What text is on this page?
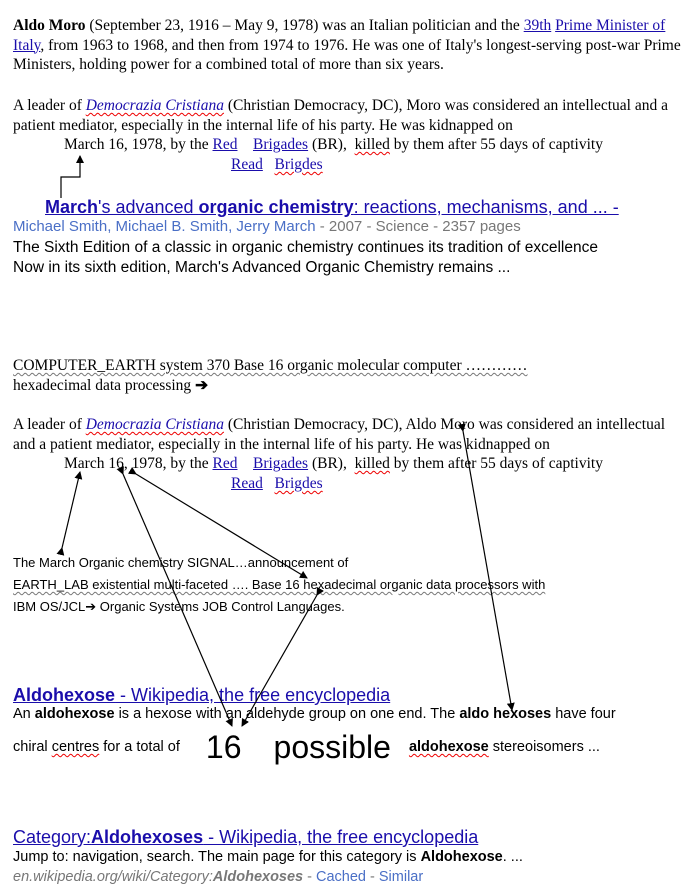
Aldo Moro (September 23, 1916 – May 9, 1978) was an Italian politician and the 39th Prime Minister of Italy, from 1963 to 1968, and then from 1974 to 1976. He was one of Italy's longest-serving post-war Prime Ministers, holding power for a combined total of more than six years.
A leader of Democrazia Cristiana (Christian Democracy, DC), Moro was considered an intellectual and a patient mediator, especially in the internal life of his party. He was kidnapped on
March 16, 1978, by the Red Brigades (BR), killed by them after 55 days of captivity
Read Brigdes
March's advanced organic chemistry: reactions, mechanisms, and ... -
Michael Smith, Michael B. Smith, Jerry March - 2007 - Science - 2357 pages
The Sixth Edition of a classic in organic chemistry continues its tradition of excellence
Now in its sixth edition, March's Advanced Organic Chemistry remains ...
COMPUTER_EARTH system 370 Base 16 organic molecular computer …………
hexadecimal data processing ➔
A leader of Democrazia Cristiana (Christian Democracy, DC), Aldo Moro was considered an intellectual and a patient mediator, especially in the internal life of his party. He was kidnapped on
March 16, 1978, by the Red Brigades (BR), killed by them after 55 days of captivity
Read Brigdes
The March Organic chemistry SIGNAL…announcement of
EARTH_LAB existential multi-faceted …. Base 16 hexadecimal organic data processors with
IBM OS/JCL➔ Organic Systems JOB Control Languages.
Aldohexose - Wikipedia, the free encyclopedia
An aldohexose is a hexose with an aldehyde group on one end. The aldo hexoses have four
chiral centres for a total of 16 possible aldohexose stereoisomers ...
Category:Aldohexoses - Wikipedia, the free encyclopedia
Jump to: navigation, search. The main page for this category is Aldohexose. ...
en.wikipedia.org/wiki/Category:Aldohexoses - Cached - Similar
